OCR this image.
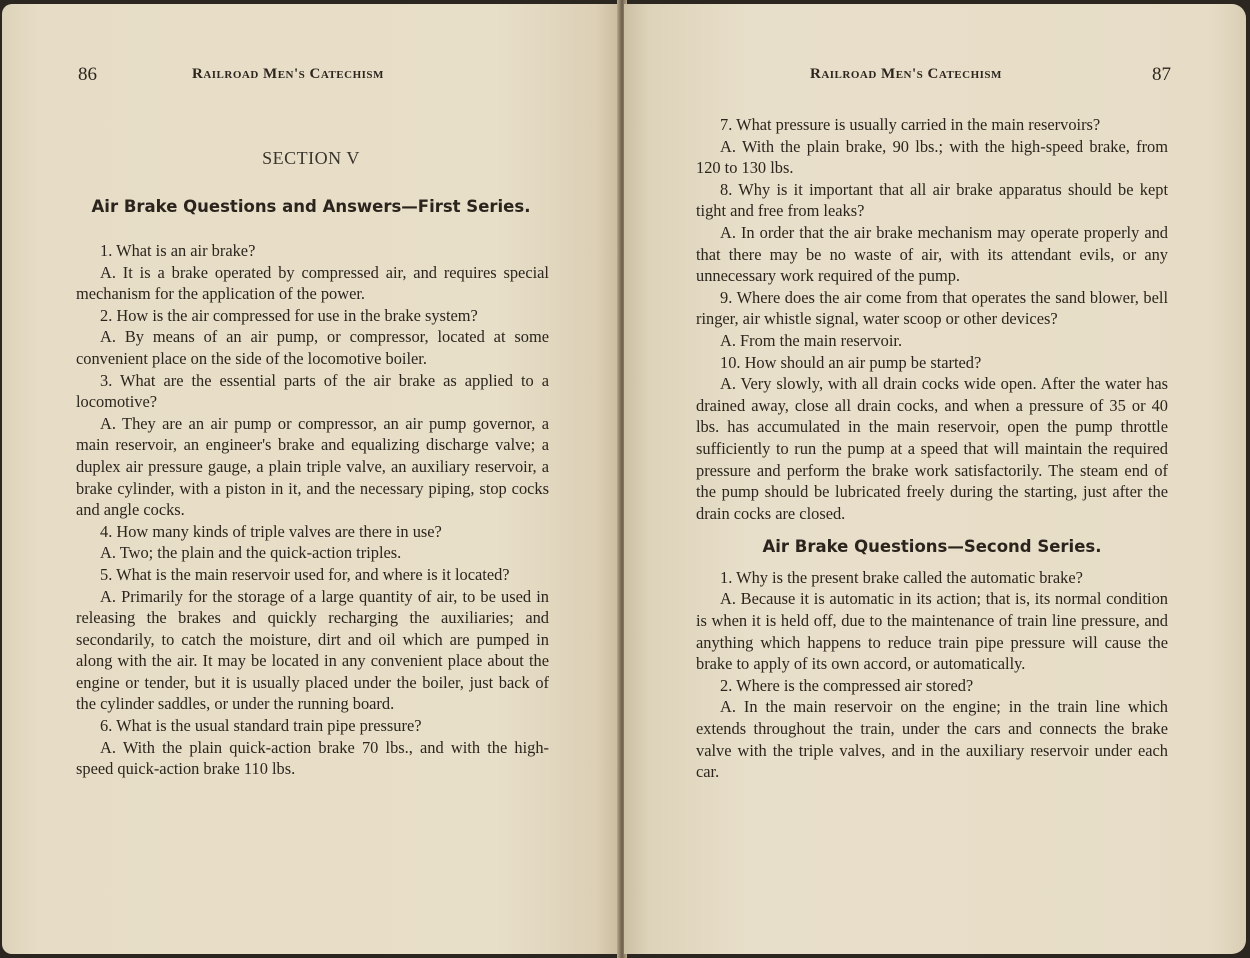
86	Railroad Men's Catechism
SECTION V
Air Brake Questions and Answers—First Series.

1. What is an air brake?

A. It is a brake operated by compressed air, and requires special mechanism for the application of the power.

2. How is the air compressed for use in the brake system?

A. By means of an air pump, or compressor, located at some convenient place on the side of the locomotive boiler.

3. What are the essential parts of the air brake as applied to a locomotive?

A. They are an air pump or compressor, an air pump governor, a main reservoir, an engineer's brake and equalizing discharge valve; a duplex air pressure gauge, a plain triple valve, an auxiliary reservoir, a brake cylinder, with a piston in it, and the necessary piping, stop cocks and angle cocks.

4. How many kinds of triple valves are there in use?

A. Two; the plain and the quick-action triples.

5. What is the main reservoir used for, and where is it located?

A. Primarily for the storage of a large quantity of air, to be used in releasing the brakes and quickly recharging the auxiliaries; and secondarily, to catch the moisture, dirt and oil which are pumped in along with the air. It may be located in any convenient place about the engine or tender, but it is usually placed under the boiler, just back of the cylinder saddles, or under the running board.

6. What is the usual standard train pipe pressure?

A. With the plain quick-action brake 70 lbs., and with the high-speed quick-action brake 110 lbs.

Railroad Men's Catechism	87

7. What pressure is usually carried in the main reservoirs?

A. With the plain brake, 90 lbs.; with the high-speed brake, from 120 to 130 lbs.

8. Why is it important that all air brake apparatus should be kept tight and free from leaks?

A. In order that the air brake mechanism may operate properly and that there may be no waste of air, with its attendant evils, or any unnecessary work required of the pump.

9. Where does the air come from that operates the sand blower, bell ringer, air whistle signal, water scoop or other devices?

A. From the main reservoir.

10. How should an air pump be started?

A. Very slowly, with all drain cocks wide open. After the water has drained away, close all drain cocks, and when a pressure of 35 or 40 lbs. has accumulated in the main reservoir, open the pump throttle sufficiently to run the pump at a speed that will maintain the required pressure and perform the brake work satisfactorily. The steam end of the pump should be lubricated freely during the starting, just after the drain cocks are closed.

Air Brake Questions—Second Series.

1. Why is the present brake called the automatic brake?

A. Because it is automatic in its action; that is, its normal condition is when it is held off, due to the maintenance of train line pressure, and anything which happens to reduce train pipe pressure will cause the brake to apply of its own accord, or automatically.

2. Where is the compressed air stored?

A. In the main reservoir on the engine; in the train line which extends throughout the train, under the cars and connects the brake valve with the triple valves, and in the auxiliary reservoir under each car.
